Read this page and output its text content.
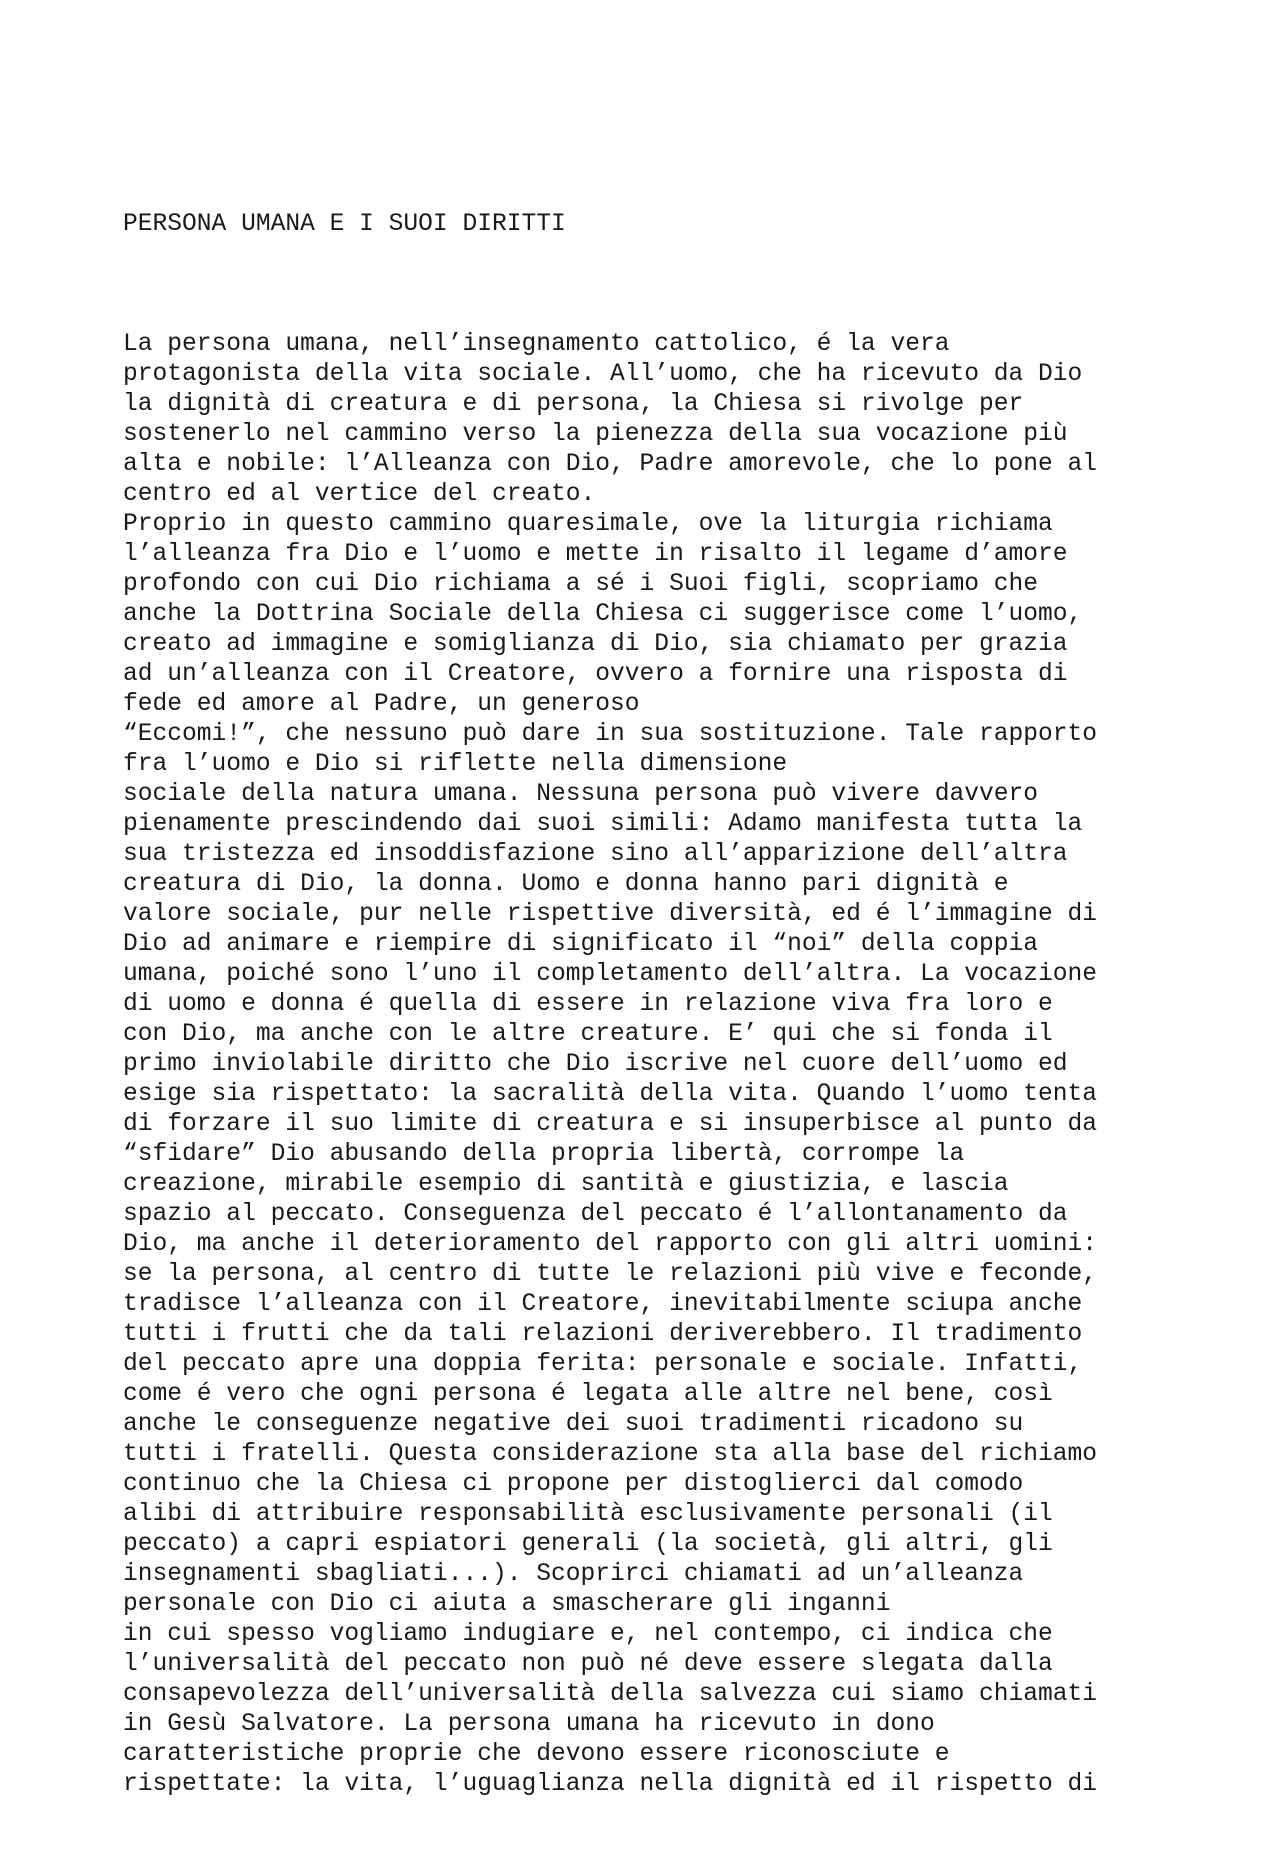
PERSONA UMANA E I SUOI DIRITTI

La persona umana, nell’insegnamento cattolico, é la vera
protagonista della vita sociale. All’uomo, che ha ricevuto da Dio
la dignità di creatura e di persona, la Chiesa si rivolge per
sostenerlo nel cammino verso la pienezza della sua vocazione più
alta e nobile: l’Alleanza con Dio, Padre amorevole, che lo pone al
centro ed al vertice del creato.
Proprio in questo cammino quaresimale, ove la liturgia richiama
l’alleanza fra Dio e l’uomo e mette in risalto il legame d’amore
profondo con cui Dio richiama a sé i Suoi figli, scopriamo che
anche la Dottrina Sociale della Chiesa ci suggerisce come l’uomo,
creato ad immagine e somiglianza di Dio, sia chiamato per grazia
ad un’alleanza con il Creatore, ovvero a fornire una risposta di
fede ed amore al Padre, un generoso
“Eccomi!”, che nessuno può dare in sua sostituzione. Tale rapporto
fra l’uomo e Dio si riflette nella dimensione
sociale della natura umana. Nessuna persona può vivere davvero
pienamente prescindendo dai suoi simili: Adamo manifesta tutta la
sua tristezza ed insoddisfazione sino all’apparizione dell’altra
creatura di Dio, la donna. Uomo e donna hanno pari dignità e
valore sociale, pur nelle rispettive diversità, ed é l’immagine di
Dio ad animare e riempire di significato il “noi” della coppia
umana, poiché sono l’uno il completamento dell’altra. La vocazione
di uomo e donna é quella di essere in relazione viva fra loro e
con Dio, ma anche con le altre creature. E’ qui che si fonda il
primo inviolabile diritto che Dio iscrive nel cuore dell’uomo ed
esige sia rispettato: la sacralità della vita. Quando l’uomo tenta
di forzare il suo limite di creatura e si insuperbisce al punto da
“sfidare” Dio abusando della propria libertà, corrompe la
creazione, mirabile esempio di santità e giustizia, e lascia
spazio al peccato. Conseguenza del peccato é l’allontanamento da
Dio, ma anche il deterioramento del rapporto con gli altri uomini:
se la persona, al centro di tutte le relazioni più vive e feconde,
tradisce l’alleanza con il Creatore, inevitabilmente sciupa anche
tutti i frutti che da tali relazioni deriverebbero. Il tradimento
del peccato apre una doppia ferita: personale e sociale. Infatti,
come é vero che ogni persona é legata alle altre nel bene, così
anche le conseguenze negative dei suoi tradimenti ricadono su
tutti i fratelli. Questa considerazione sta alla base del richiamo
continuo che la Chiesa ci propone per distoglierci dal comodo
alibi di attribuire responsabilità esclusivamente personali (il
peccato) a capri espiatori generali (la società, gli altri, gli
insegnamenti sbagliati...). Scoprirci chiamati ad un’alleanza
personale con Dio ci aiuta a smascherare gli inganni
in cui spesso vogliamo indugiare e, nel contempo, ci indica che
l’universalità del peccato non può né deve essere slegata dalla
consapevolezza dell’universalità della salvezza cui siamo chiamati
in Gesù Salvatore. La persona umana ha ricevuto in dono
caratteristiche proprie che devono essere riconosciute e
rispettate: la vita, l’uguaglianza nella dignità ed il rispetto di
